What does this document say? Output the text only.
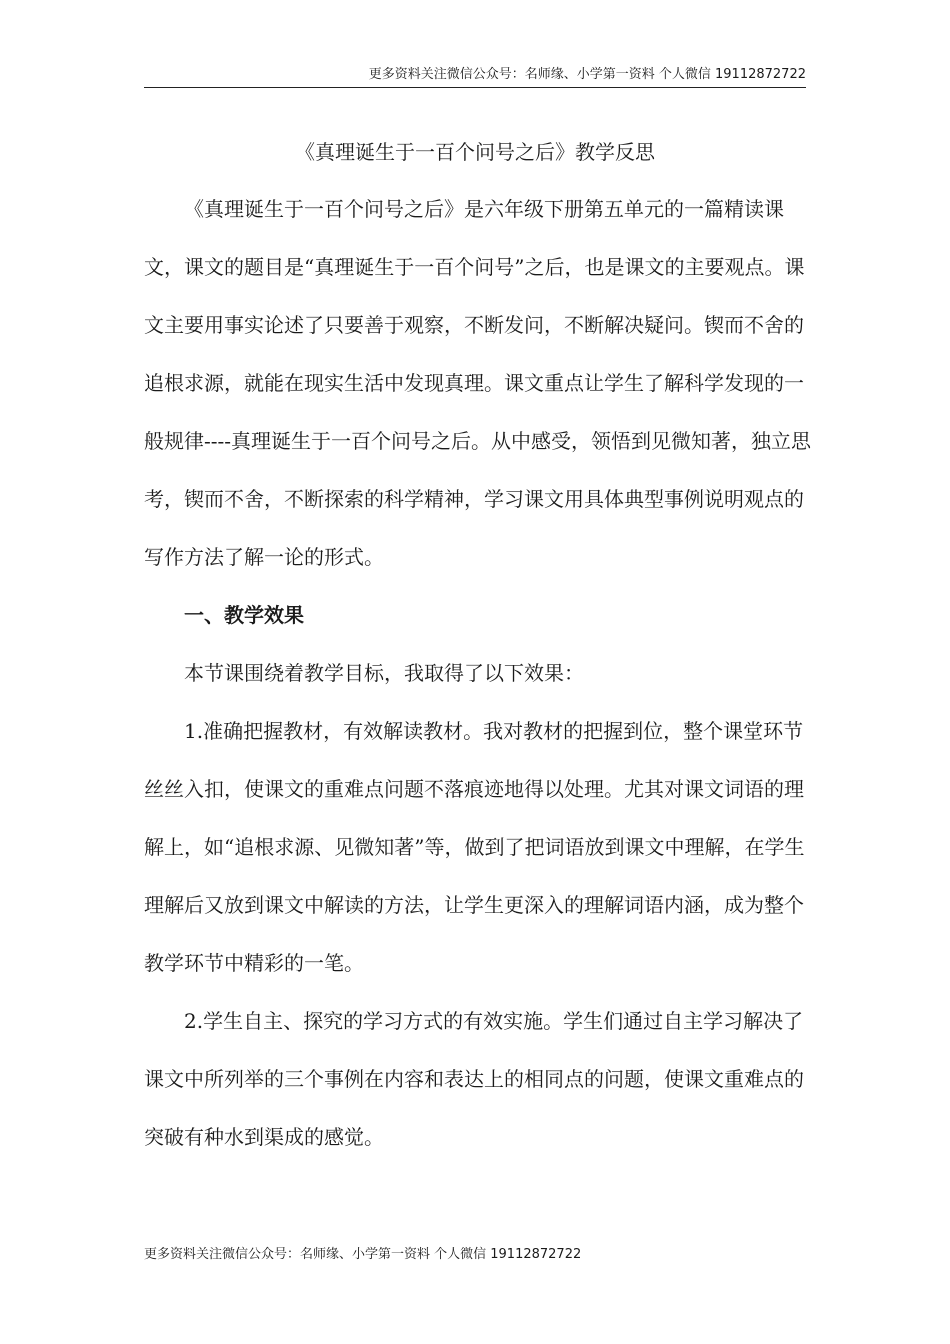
更多资料关注微信公众号：名师缘、小学第一资料 个人微信 19112872722
《真理诞生于一百个问号之后》教学反思

《真理诞生于一百个问号之后》是六年级下册第五单元的一篇精读课文，课文的题目是“真理诞生于一百个问号”之后，也是课文的主要观点。课文主要用事实论述了只要善于观察，不断发问，不断解决疑问。锲而不舍的追根求源，就能在现实生活中发现真理。课文重点让学生了解科学发现的一般规律----真理诞生于一百个问号之后。从中感受，领悟到见微知著，独立思考，锲而不舍，不断探索的科学精神，学习课文用具体典型事例说明观点的写作方法了解一论的形式。

一、教学效果

本节课围绕着教学目标，我取得了以下效果：

1.准确把握教材，有效解读教材。我对教材的把握到位，整个课堂环节丝丝入扣，使课文的重难点问题不落痕迹地得以处理。尤其对课文词语的理解上，如“追根求源、见微知著”等，做到了把词语放到课文中理解，在学生理解后又放到课文中解读的方法，让学生更深入的理解词语内涵，成为整个教学环节中精彩的一笔。

2.学生自主、探究的学习方式的有效实施。学生们通过自主学习解决了课文中所列举的三个事例在内容和表达上的相同点的问题，使课文重难点的突破有种水到渠成的感觉。

更多资料关注微信公众号：名师缘、小学第一资料 个人微信 19112872722
